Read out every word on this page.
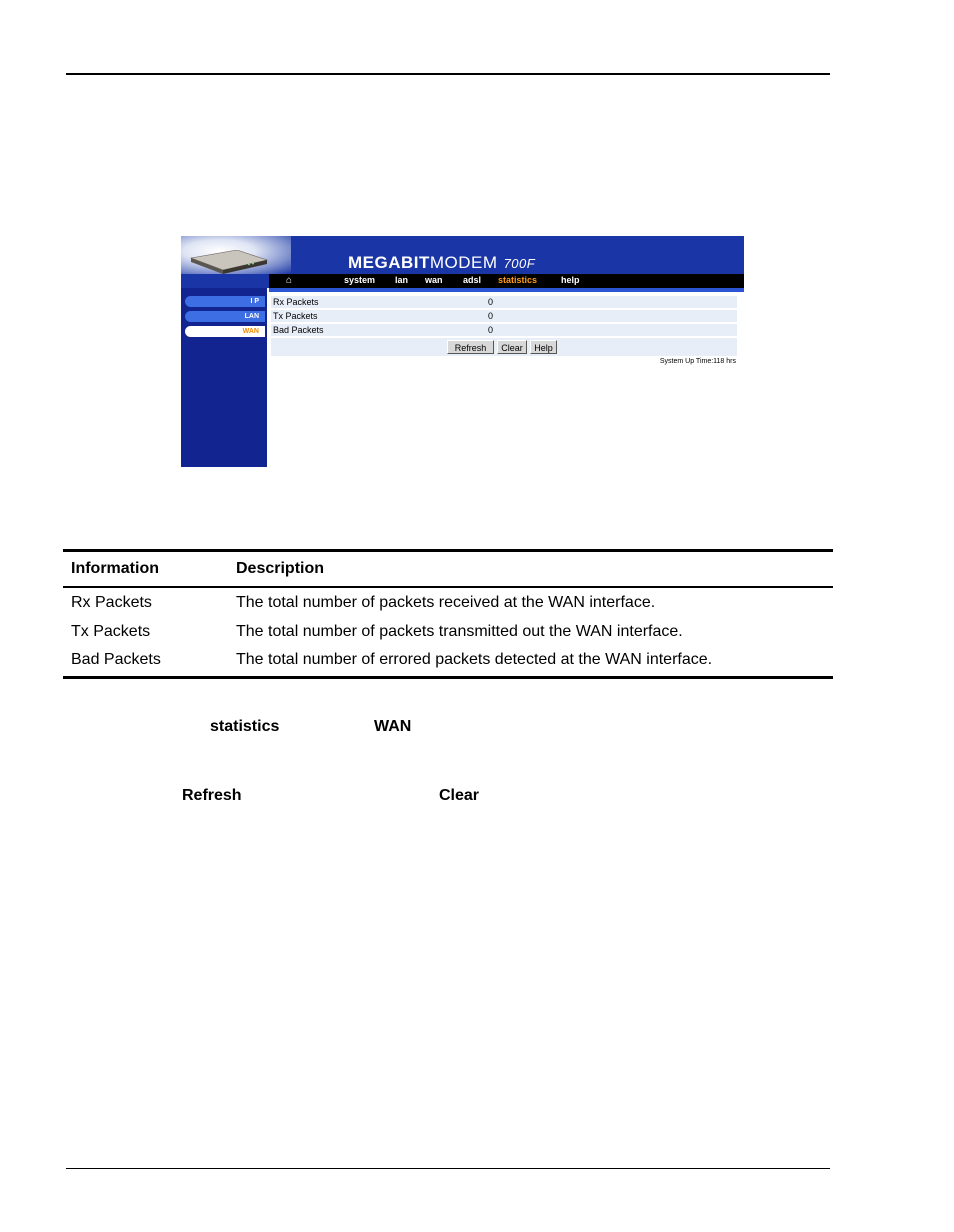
MEGABITMODEM 700F
⌂	system lan wan adsl statistics	help
I P
LAN
WAN
Rx Packets	0
Tx Packets	0
Bad Packets	0
Refresh	Clear	Help
System Up Time:118 hrs
Information	Description
Rx Packets	The total number of packets received at the WAN interface.
Tx Packets	The total number of packets transmitted out the WAN interface.
Bad Packets	The total number of errored packets detected at the WAN interface.
statistics	WAN
Refresh	Clear
